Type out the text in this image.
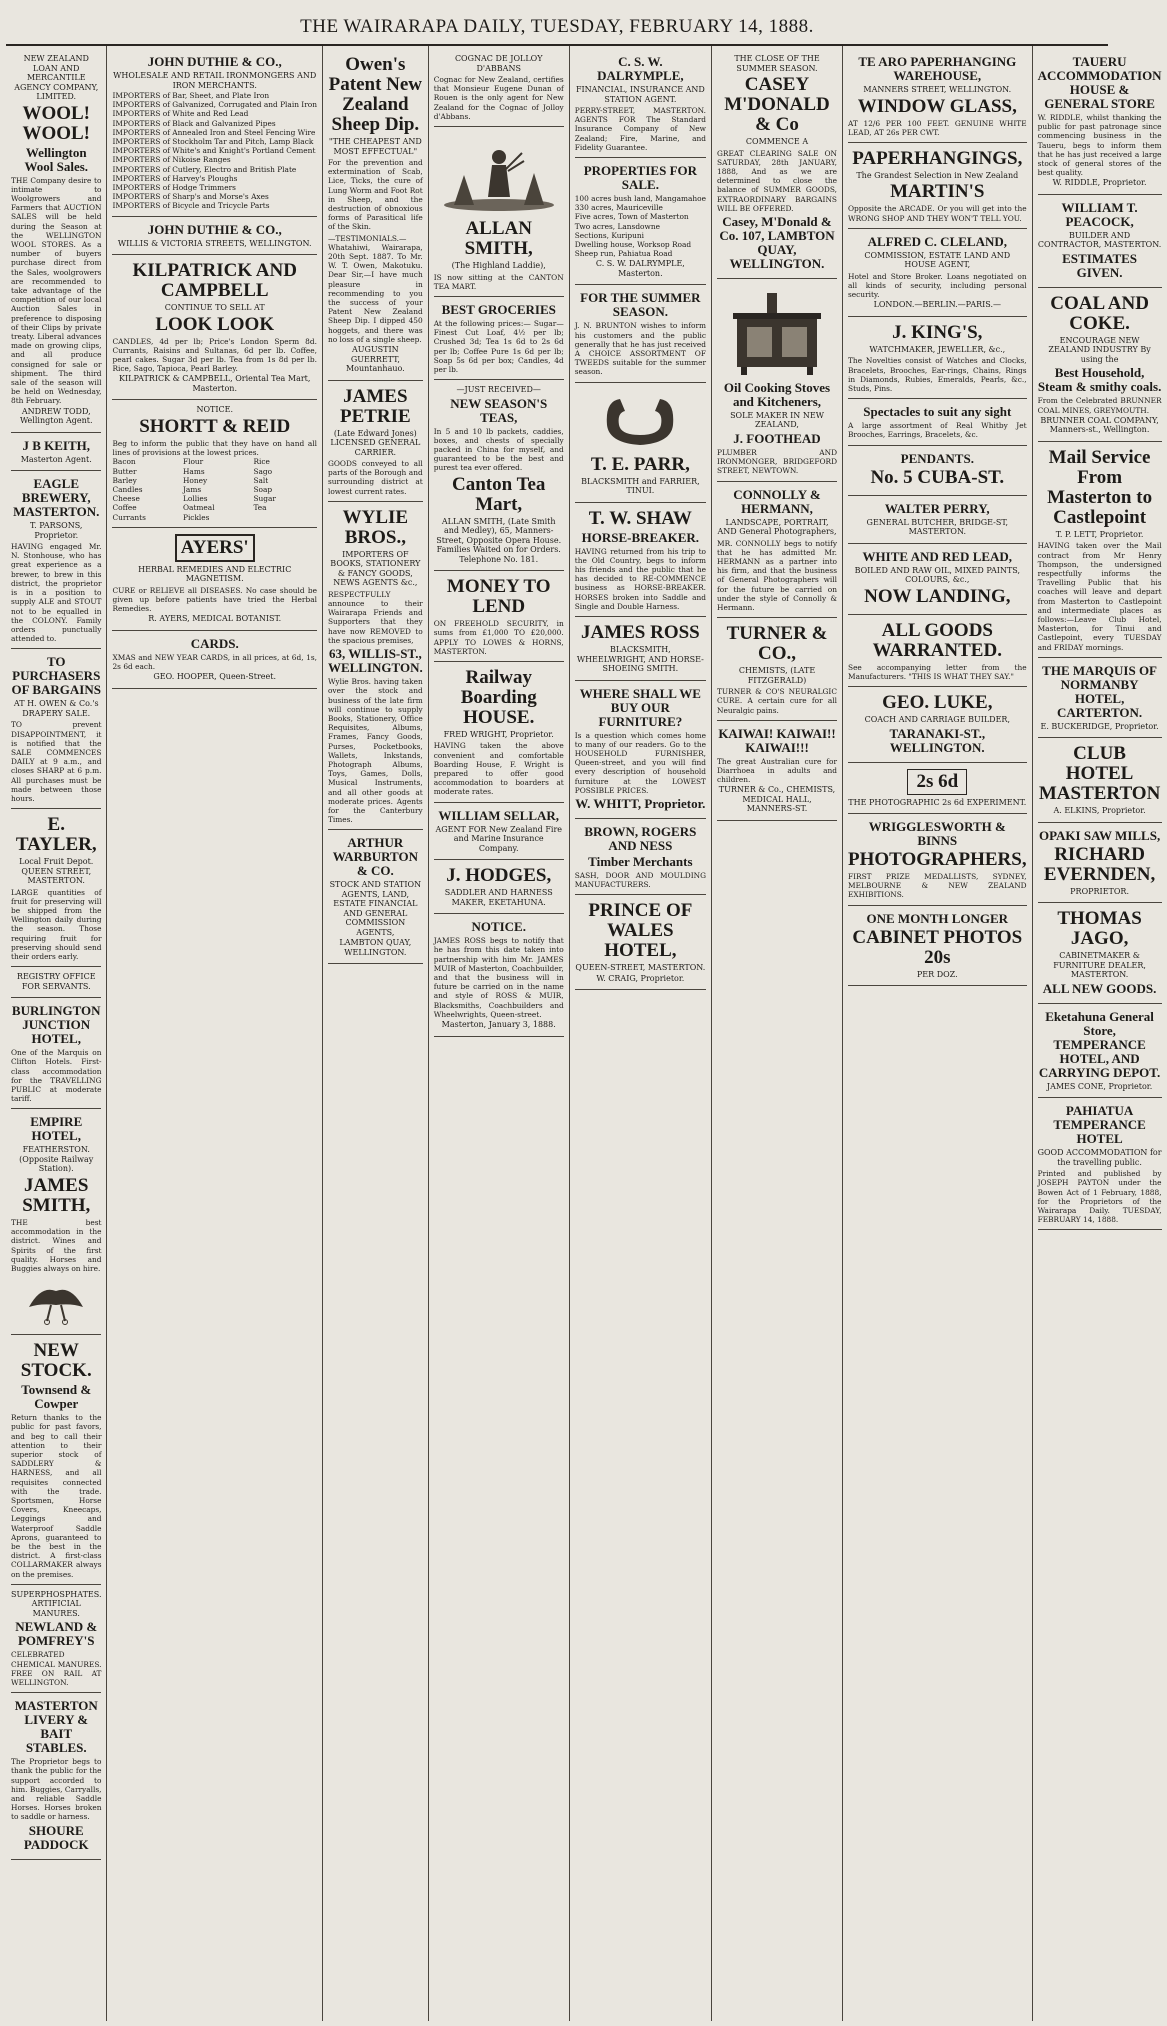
THE WAIRARAPA DAILY, TUESDAY, FEBRUARY 14, 1888.
NEW ZEALAND LOAN AND MERCANTILE AGENCY COMPANY, LIMITED.
WOOL! WOOL!
Wellington Wool Sales.
THE Company desire to intimate to Woolgrowers and Farmers that AUCTION SALES will be held during the Season at the WELLINGTON WOOL STORES. As a number of buyers purchase direct from the Sales, woolgrowers are recommended to take advantage of the competition of our local Auction Sales in preference to disposing of their Clips by private treaty. Liberal advances made on growing clips, and all produce consigned for sale or shipment. The third sale of the season will be held on Wednesday, 8th February.
ANDREW TODD, Wellington Agent.
J B KEITH,
Masterton Agent.
EAGLE BREWERY, MASTERTON.
T. PARSONS, Proprietor.
HAVING engaged Mr. N. Stonhouse, who has great experience as a brewer, to brew in this district, the proprietor is in a position to supply ALE and STOUT not to be equalled in the COLONY. Family orders punctually attended to.
TO PURCHASERS OF BARGAINS
AT H. OWEN & Co.'s DRAPERY SALE.
TO prevent DISAPPOINTMENT, it is notified that the SALE COMMENCES DAILY at 9 a.m., and closes SHARP at 6 p.m. All purchases must be made between those hours.
E. TAYLER,
Local Fruit Depot. QUEEN STREET, MASTERTON.
LARGE quantities of fruit for preserving will be shipped from the Wellington daily during the season. Those requiring fruit for preserving should send their orders early.
REGISTRY OFFICE FOR SERVANTS.
BURLINGTON JUNCTION HOTEL,
One of the Marquis on Clifton Hotels. First-class accommodation for the TRAVELLING PUBLIC at moderate tariff.
EMPIRE HOTEL,
FEATHERSTON. (Opposite Railway Station).
JAMES SMITH,
THE best accommodation in the district. Wines and Spirits of the first quality. Horses and Buggies always on hire.
NEW STOCK.
Townsend & Cowper
Return thanks to the public for past favors, and beg to call their attention to their superior stock of SADDLERY & HARNESS, and all requisites connected with the trade. Sportsmen, Horse Covers, Kneecaps, Leggings and Waterproof Saddle Aprons, guaranteed to be the best in the district. A first-class COLLARMAKER always on the premises.
SUPERPHOSPHATES. ARTIFICIAL MANURES.
NEWLAND & POMFREY'S
CELEBRATED CHEMICAL MANURES. FREE ON RAIL AT WELLINGTON.
MASTERTON LIVERY & BAIT STABLES.
The Proprietor begs to thank the public for the support accorded to him. Buggies, Carryalls, and reliable Saddle Horses. Horses broken to saddle or harness.
SHOURE PADDOCK
JOHN DUTHIE & CO.,
WHOLESALE AND RETAIL IRONMONGERS AND IRON MERCHANTS.
IMPORTERS of Bar, Sheet, and Plate Iron
IMPORTERS of Galvanized, Corrugated and Plain Iron
IMPORTERS of White and Red Lead
IMPORTERS of Black and Galvanized Pipes
IMPORTERS of Annealed Iron and Steel Fencing Wire
IMPORTERS of Stockholm Tar and Pitch, Lamp Black
IMPORTERS of White's and Knight's Portland Cement
IMPORTERS of Nikoise Ranges
IMPORTERS of Cutlery, Electro and British Plate
IMPORTERS of Harvey's Ploughs
IMPORTERS of Hodge Trimmers
IMPORTERS of Sharp's and Morse's Axes
IMPORTERS of Bicycle and Tricycle Parts
JOHN DUTHIE & CO.,
WILLIS & VICTORIA STREETS, WELLINGTON.
KILPATRICK AND CAMPBELL
CONTINUE TO SELL AT
LOOK LOOK
CANDLES, 4d per lb; Price's London Sperm 8d. Currants, Raisins and Sultanas, 6d per lb. Coffee, pearl cakes. Sugar 3d per lb. Tea from 1s 8d per lb. Rice, Sago, Tapioca, Pearl Barley.
KILPATRICK & CAMPBELL, Oriental Tea Mart, Masterton.
NOTICE.
SHORTT & REID
Beg to inform the public that they have on hand all lines of provisions at the lowest prices.
Bacon
Butter
Barley
Candles
Cheese
Coffee
Currants
Flour
Hams
Honey
Jams
Lollies
Oatmeal
Pickles
Rice
Sago
Salt
Soap
Sugar
Tea
AYERS'
HERBAL REMEDIES AND ELECTRIC MAGNETISM.
CURE or RELIEVE all DISEASES. No case should be given up before patients have tried the Herbal Remedies.
R. AYERS, MEDICAL BOTANIST.
CARDS.
XMAS and NEW YEAR CARDS, in all prices, at 6d, 1s, 2s 6d each.
GEO. HOOPER, Queen-Street.
Owen's Patent New Zealand Sheep Dip.
"THE CHEAPEST AND MOST EFFECTUAL"
For the prevention and extermination of Scab, Lice, Ticks, the cure of Lung Worm and Foot Rot in Sheep, and the destruction of obnoxious forms of Parasitical life of the Skin.
—TESTIMONIALS.— Whatahiwi, Wairarapa, 20th Sept. 1887. To Mr. W. T. Owen, Makotuku. Dear Sir,—I have much pleasure in recommending to you the success of your Patent New Zealand Sheep Dip. I dipped 450 hoggets, and there was no loss of a single sheep.
AUGUSTIN GUERRETT, Mountanhauo.
JAMES PETRIE
(Late Edward Jones) LICENSED GENERAL CARRIER.
GOODS conveyed to all parts of the Borough and surrounding district at lowest current rates.
WYLIE BROS.,
IMPORTERS OF BOOKS, STATIONERY & FANCY GOODS, NEWS AGENTS &c.,
RESPECTFULLY announce to their Wairarapa Friends and Supporters that they have now REMOVED to the spacious premises,
63, WILLIS-ST., WELLINGTON.
Wylie Bros. having taken over the stock and business of the late firm will continue to supply Books, Stationery, Office Requisites, Albums, Frames, Fancy Goods, Purses, Pocketbooks, Wallets, Inkstands, Photograph Albums, Toys, Games, Dolls, Musical Instruments, and all other goods at moderate prices. Agents for the Canterbury Times.
ARTHUR WARBURTON & CO.
STOCK AND STATION AGENTS, LAND, ESTATE FINANCIAL AND GENERAL COMMISSION AGENTS,
LAMBTON QUAY, WELLINGTON.
COGNAC DE JOLLOY D'ABBANS
Cognac for New Zealand, certifies that Monsieur Eugene Dunan of Rouen is the only agent for New Zealand for the Cognac of Jolloy d'Abbans.
ALLAN SMITH,
(The Highland Laddie),
IS now sitting at the CANTON TEA MART.
BEST GROCERIES
At the following prices:— Sugar—Finest Cut Loaf, 4½ per lb; Crushed 3d; Tea 1s 6d to 2s 6d per lb; Coffee Pure 1s 6d per lb; Soap 5s 6d per box; Candles, 4d per lb.
—JUST RECEIVED—
NEW SEASON'S TEAS,
In 5 and 10 lb packets, caddies, boxes, and chests of specially packed in China for myself, and guaranteed to be the best and purest tea ever offered.
Canton Tea Mart,
ALLAN SMITH, (Late Smith and Medley), 65, Manners-Street, Opposite Opera House. Families Waited on for Orders. Telephone No. 181.
MONEY TO LEND
ON FREEHOLD SECURITY, in sums from £1,000 TO £20,000. APPLY TO LOWES & HORNS, MASTERTON.
Railway Boarding HOUSE.
FRED WRIGHT, Proprietor.
HAVING taken the above convenient and comfortable Boarding House, F. Wright is prepared to offer good accommodation to boarders at moderate rates.
WILLIAM SELLAR,
AGENT FOR New Zealand Fire and Marine Insurance Company.
J. HODGES,
SADDLER AND HARNESS MAKER, EKETAHUNA.
NOTICE.
JAMES ROSS begs to notify that he has from this date taken into partnership with him Mr. JAMES MUIR of Masterton, Coachbuilder, and that the business will in future be carried on in the name and style of ROSS & MUIR, Blacksmiths, Coachbuilders and Wheelwrights, Queen-street.
Masterton, January 3, 1888.
C. S. W. DALRYMPLE,
FINANCIAL, INSURANCE AND STATION AGENT.
PERRY-STREET, MASTERTON. AGENTS FOR The Standard Insurance Company of New Zealand; Fire, Marine, and Fidelity Guarantee.
PROPERTIES FOR SALE.
100 acres bush land, Mangamahoe
330 acres, Mauriceville
Five acres, Town of Masterton
Two acres, Lansdowne
Sections, Kuripuni
Dwelling house, Worksop Road
Sheep run, Pahiatua Road
C. S. W. DALRYMPLE, Masterton.
FOR THE SUMMER SEASON.
J. N. BRUNTON wishes to inform his customers and the public generally that he has just received A CHOICE ASSORTMENT OF TWEEDS suitable for the summer season.
T. E. PARR,
BLACKSMITH and FARRIER, TINUI.
T. W. SHAW
HORSE-BREAKER.
HAVING returned from his trip to the Old Country, begs to inform his friends and the public that he has decided to RE-COMMENCE business as HORSE-BREAKER. HORSES broken into Saddle and Single and Double Harness.
JAMES ROSS
BLACKSMITH, WHEELWRIGHT, AND HORSE-SHOEING SMITH.
WHERE SHALL WE BUY OUR FURNITURE?
Is a question which comes home to many of our readers. Go to the HOUSEHOLD FURNISHER, Queen-street, and you will find every description of household furniture at the LOWEST POSSIBLE PRICES.
W. WHITT, Proprietor.
BROWN, ROGERS AND NESS
Timber Merchants
SASH, DOOR AND MOULDING MANUFACTURERS.
PRINCE OF WALES HOTEL,
QUEEN-STREET, MASTERTON.
W. CRAIG, Proprietor.
THE CLOSE OF THE SUMMER SEASON.
CASEY M'DONALD & Co
COMMENCE A
GREAT CLEARING SALE ON SATURDAY, 28th JANUARY, 1888, And as we are determined to close the balance of SUMMER GOODS, EXTRAORDINARY BARGAINS WILL BE OFFERED.
Casey, M'Donald & Co. 107, LAMBTON QUAY, WELLINGTON.
Oil Cooking Stoves and Kitcheners,
SOLE MAKER IN NEW ZEALAND,
J. FOOTHEAD
PLUMBER AND IRONMONGER, BRIDGEFORD STREET, NEWTOWN.
CONNOLLY & HERMANN,
LANDSCAPE, PORTRAIT, AND General Photographers,
MR. CONNOLLY begs to notify that he has admitted Mr. HERMANN as a partner into his firm, and that the business of General Photographers will for the future be carried on under the style of Connolly & Hermann.
TURNER & CO.,
CHEMISTS, (LATE FITZGERALD)
TURNER & CO'S NEURALGIC CURE. A certain cure for all Neuralgic pains.
KAIWAI! KAIWAI!! KAIWAI!!!
The great Australian cure for Diarrhoea in adults and children.
TURNER & Co., CHEMISTS, MEDICAL HALL, MANNERS-ST.
TE ARO PAPERHANGING WAREHOUSE,
MANNERS STREET, WELLINGTON.
WINDOW GLASS,
AT 12/6 PER 100 FEET. GENUINE WHITE LEAD, AT 26s PER CWT.
PAPERHANGINGS,
The Grandest Selection in New Zealand
MARTIN'S
Opposite the ARCADE. Or you will get into the WRONG SHOP AND THEY WON'T TELL YOU.
ALFRED C. CLELAND,
COMMISSION, ESTATE LAND AND HOUSE AGENT,
Hotel and Store Broker. Loans negotiated on all kinds of security, including personal security.
LONDON.—BERLIN.—PARIS.—
J. KING'S,
WATCHMAKER, JEWELLER, &c.,
The Novelties consist of Watches and Clocks, Bracelets, Brooches, Ear-rings, Chains, Rings in Diamonds, Rubies, Emeralds, Pearls, &c., Studs, Pins.
Spectacles to suit any sight
A large assortment of Real Whitby Jet Brooches, Earrings, Bracelets, &c.
PENDANTS.
No. 5 CUBA-ST.
WALTER PERRY,
GENERAL BUTCHER, BRIDGE-ST, MASTERTON.
WHITE AND RED LEAD,
BOILED AND RAW OIL, MIXED PAINTS, COLOURS, &c.,
NOW LANDING,
ALL GOODS WARRANTED.
See accompanying letter from the Manufacturers. "THIS IS WHAT THEY SAY."
GEO. LUKE,
COACH AND CARRIAGE BUILDER,
TARANAKI-ST., WELLINGTON.
2s 6d
THE PHOTOGRAPHIC 2s 6d EXPERIMENT.
WRIGGLESWORTH & BINNS
PHOTOGRAPHERS,
FIRST PRIZE MEDALLISTS, SYDNEY, MELBOURNE & NEW ZEALAND EXHIBITIONS.
ONE MONTH LONGER
CABINET PHOTOS 20s
PER DOZ.
TAUERU ACCOMMODATION HOUSE & GENERAL STORE
W. RIDDLE, whilst thanking the public for past patronage since commencing business in the Taueru, begs to inform them that he has just received a large stock of general stores of the best quality.
W. RIDDLE, Proprietor.
WILLIAM T. PEACOCK,
BUILDER AND CONTRACTOR, MASTERTON.
ESTIMATES GIVEN.
COAL AND COKE.
ENCOURAGE NEW ZEALAND INDUSTRY By using the
Best Household, Steam & smithy coals.
From the Celebrated BRUNNER COAL MINES, GREYMOUTH.
BRUNNER COAL COMPANY, Manners-st., Wellington.
Mail Service From Masterton to Castlepoint
T. P. LETT, Proprietor.
HAVING taken over the Mail contract from Mr Henry Thompson, the undersigned respectfully informs the Travelling Public that his coaches will leave and depart from Masterton to Castlepoint and intermediate places as follows:—Leave Club Hotel, Masterton, for Tinui and Castlepoint, every TUESDAY and FRIDAY mornings.
THE MARQUIS OF NORMANBY HOTEL, CARTERTON.
E. BUCKERIDGE, Proprietor.
CLUB HOTEL MASTERTON
A. ELKINS, Proprietor.
OPAKI SAW MILLS,
RICHARD EVERNDEN,
PROPRIETOR.
THOMAS JAGO,
CABINETMAKER & FURNITURE DEALER, MASTERTON.
ALL NEW GOODS.
Eketahuna General Store, TEMPERANCE HOTEL, AND CARRYING DEPOT.
JAMES CONE, Proprietor.
PAHIATUA TEMPERANCE HOTEL
GOOD ACCOMMODATION for the travelling public.
Printed and published by JOSEPH PAYTON under the Bowen Act of 1 February, 1888, for the Proprietors of the Wairarapa Daily. TUESDAY, FEBRUARY 14, 1888.
